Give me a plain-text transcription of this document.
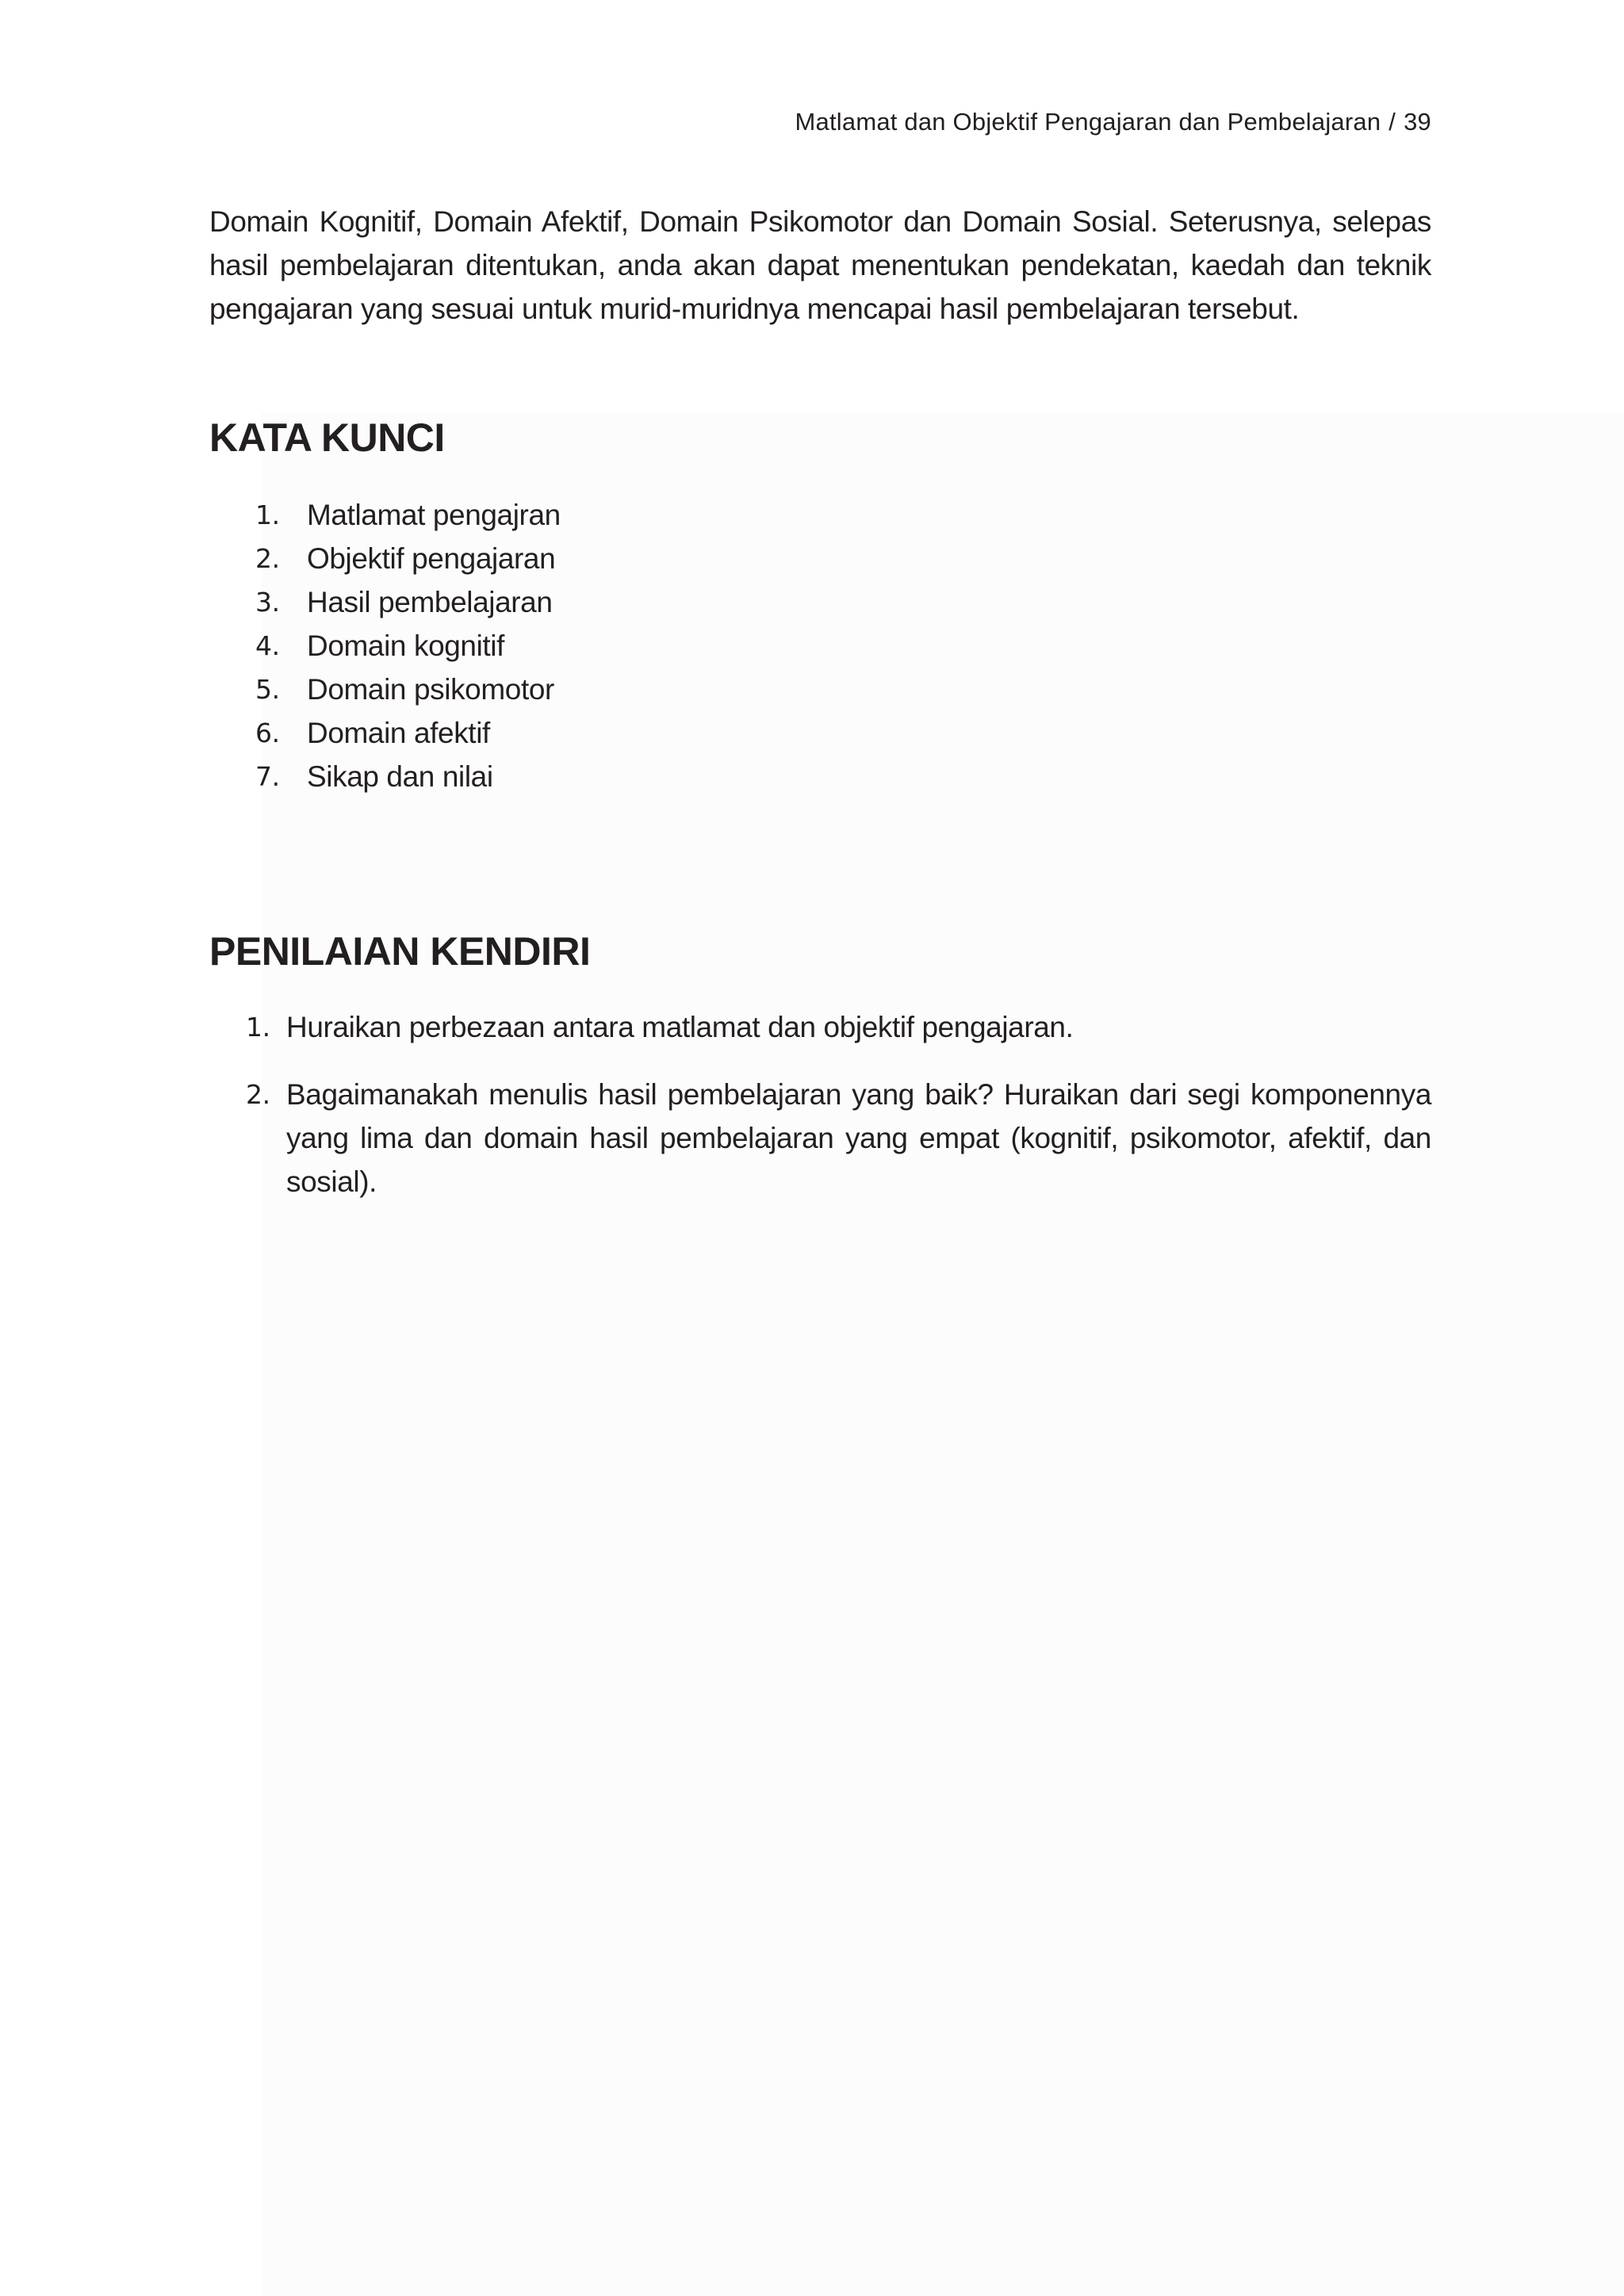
Matlamat dan Objektif Pengajaran dan Pembelajaran / 39

Domain Kognitif, Domain Afektif, Domain Psikomotor dan Domain Sosial. Seterusnya, selepas hasil pembelajaran ditentukan, anda akan dapat menentukan pendekatan, kaedah dan teknik pengajaran yang sesuai untuk murid-muridnya mencapai hasil pembelajaran tersebut.

KATA KUNCI
1. Matlamat pengajran
2. Objektif pengajaran
3. Hasil pembelajaran
4. Domain kognitif
5. Domain psikomotor
6. Domain afektif
7. Sikap dan nilai
PENILAIAN KENDIRI
1. Huraikan perbezaan antara matlamat dan objektif pengajaran.
2. Bagaimanakah menulis hasil pembelajaran yang baik? Huraikan dari segi komponennya yang lima dan domain hasil pembelajaran yang empat (kognitif, psikomotor, afektif, dan sosial).
